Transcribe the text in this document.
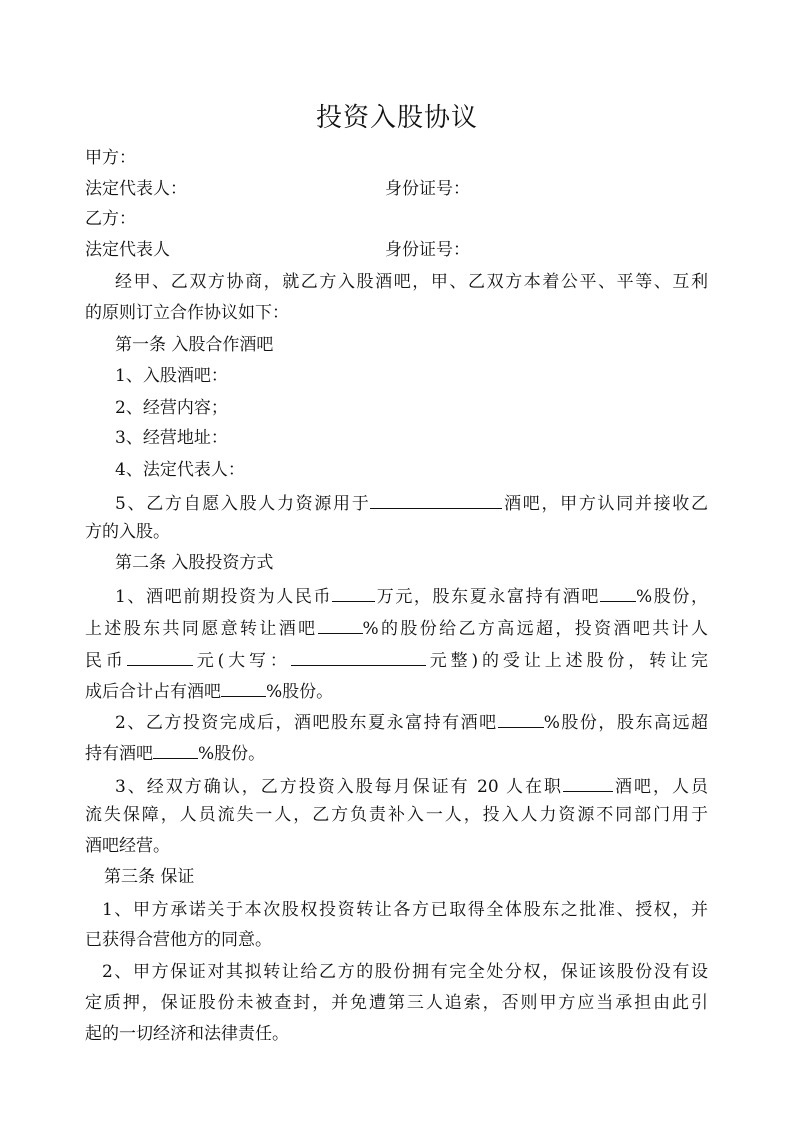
投资入股协议
甲方：
法定代表人：	身份证号：
乙方：
法定代表人	身份证号：
经甲、乙双方协商，就乙方入股酒吧，甲、乙双方本着公平、平等、互利
的原则订立合作协议如下：
第一条 入股合作酒吧
1、入股酒吧：
2、经营内容；
3、经营地址：
4、法定代表人：
5、乙方自愿入股人力资源用于	酒吧，甲方认同并接收乙
方的入股。
第二条 入股投资方式
1、酒吧前期投资为人民币	万元，股东夏永富持有酒吧 %股份，
上述股东共同愿意转让酒吧	%的股份给乙方高远超，投资酒吧共计人
民币	元(大写：	元整)的受让上述股份，转让完
成后合计占有酒吧	%股份。
2、乙方投资完成后，酒吧股东夏永富持有酒吧	%股份，股东高远超
持有酒吧	%股份。
3、经双方确认，乙方投资入股每月保证有 20 人在职	酒吧，人员
流失保障，人员流失一人，乙方负责补入一人，投入人力资源不同部门用于
酒吧经营。
第三条 保证
1、甲方承诺关于本次股权投资转让各方已取得全体股东之批准、授权，并
已获得合营他方的同意。
2、甲方保证对其拟转让给乙方的股份拥有完全处分权，保证该股份没有设
定质押，保证股份未被查封，并免遭第三人追索，否则甲方应当承担由此引
起的一切经济和法律责任。
